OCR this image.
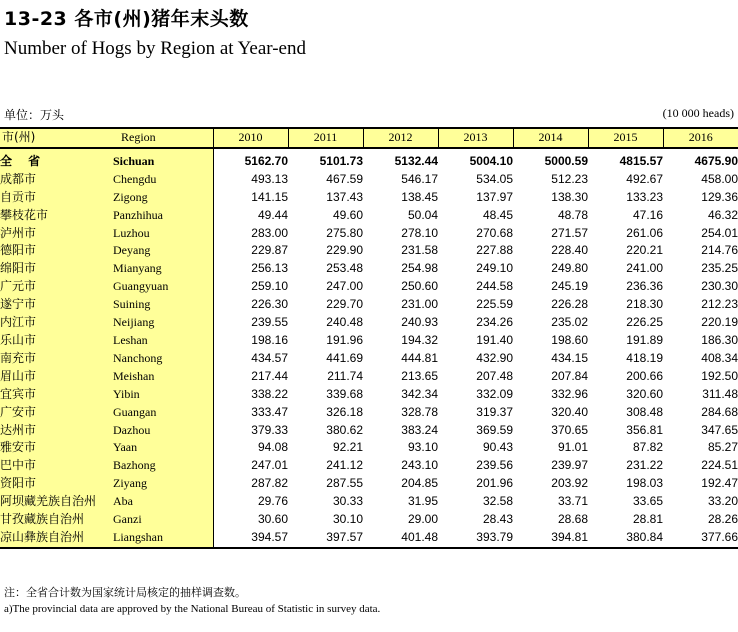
13-23 各市(州)猪年末头数
Number of Hogs by Region at Year-end
单位：万头	(10 000 heads)
市(州)	Region	2010	2011	2012	2013	2014	2015	2016
全 省	Sichuan	5162.70	5101.73	5132.44	5004.10	5000.59	4815.57	4675.90
成都市	Chengdu	493.13	467.59	546.17	534.05	512.23	492.67	458.00
自贡市	Zigong	141.15	137.43	138.45	137.97	138.30	133.23	129.36
攀枝花市	Panzhihua	49.44	49.60	50.04	48.45	48.78	47.16	46.32
泸州市	Luzhou	283.00	275.80	278.10	270.68	271.57	261.06	254.01
德阳市	Deyang	229.87	229.90	231.58	227.88	228.40	220.21	214.76
绵阳市	Mianyang	256.13	253.48	254.98	249.10	249.80	241.00	235.25
广元市	Guangyuan	259.10	247.00	250.60	244.58	245.19	236.36	230.30
遂宁市	Suining	226.30	229.70	231.00	225.59	226.28	218.30	212.23
内江市	Neijiang	239.55	240.48	240.93	234.26	235.02	226.25	220.19
乐山市	Leshan	198.16	191.96	194.32	191.40	198.60	191.89	186.30
南充市	Nanchong	434.57	441.69	444.81	432.90	434.15	418.19	408.34
眉山市	Meishan	217.44	211.74	213.65	207.48	207.84	200.66	192.50
宜宾市	Yibin	338.22	339.68	342.34	332.09	332.96	320.60	311.48
广安市	Guangan	333.47	326.18	328.78	319.37	320.40	308.48	284.68
达州市	Dazhou	379.33	380.62	383.24	369.59	370.65	356.81	347.65
雅安市	Yaan	94.08	92.21	93.10	90.43	91.01	87.82	85.27
巴中市	Bazhong	247.01	241.12	243.10	239.56	239.97	231.22	224.51
资阳市	Ziyang	287.82	287.55	204.85	201.96	203.92	198.03	192.47
阿坝藏羌族自治州	Aba	29.76	30.33	31.95	32.58	33.71	33.65	33.20
甘孜藏族自治州	Ganzi	30.60	30.10	29.00	28.43	28.68	28.81	28.26
凉山彝族自治州	Liangshan	394.57	397.57	401.48	393.79	394.81	380.84	377.66
注：全省合计数为国家统计局核定的抽样调查数。
a)The provincial data are approved by the National Bureau of Statistic in survey data.
